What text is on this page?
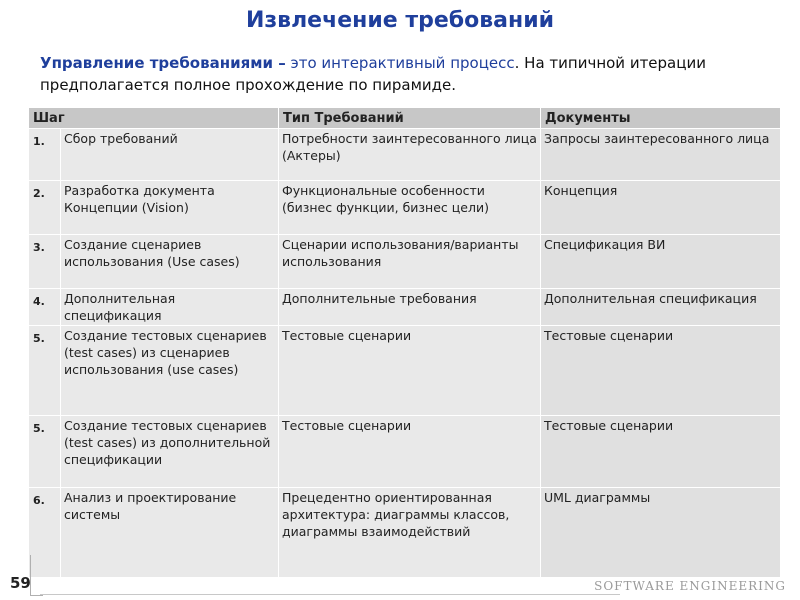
Извлечение требований
Управление требованиями – это интерактивный процесс. На типичной итерации предполагается полное прохождение по пирамиде.
Шаг		Тип Требований	Документы
1.	Сбор требований	Потребности заинтересованного лица (Актеры)	Запросы заинтересованного лица
2.	Разработка документа Концепции (Vision)	Функциональные особенности (бизнес функции, бизнес цели)	Концепция
3.	Создание сценариев использования (Use cases)	Сценарии использования/варианты использования	Спецификация ВИ
4.	Дополнительная спецификация	Дополнительные требования	Дополнительная спецификация
5.	Создание тестовых сценариев (test cases) из сценариев использования (use cases)	Тестовые сценарии	Тестовые сценарии
5.	Создание тестовых сценариев (test cases) из дополнительной спецификации	Тестовые сценарии	Тестовые сценарии
6.	Анализ и проектирование системы	Прецедентно ориентированная архитектура: диаграммы классов, диаграммы взаимодействий	UML диаграммы
59	SOFTWARE ENGINEERING
